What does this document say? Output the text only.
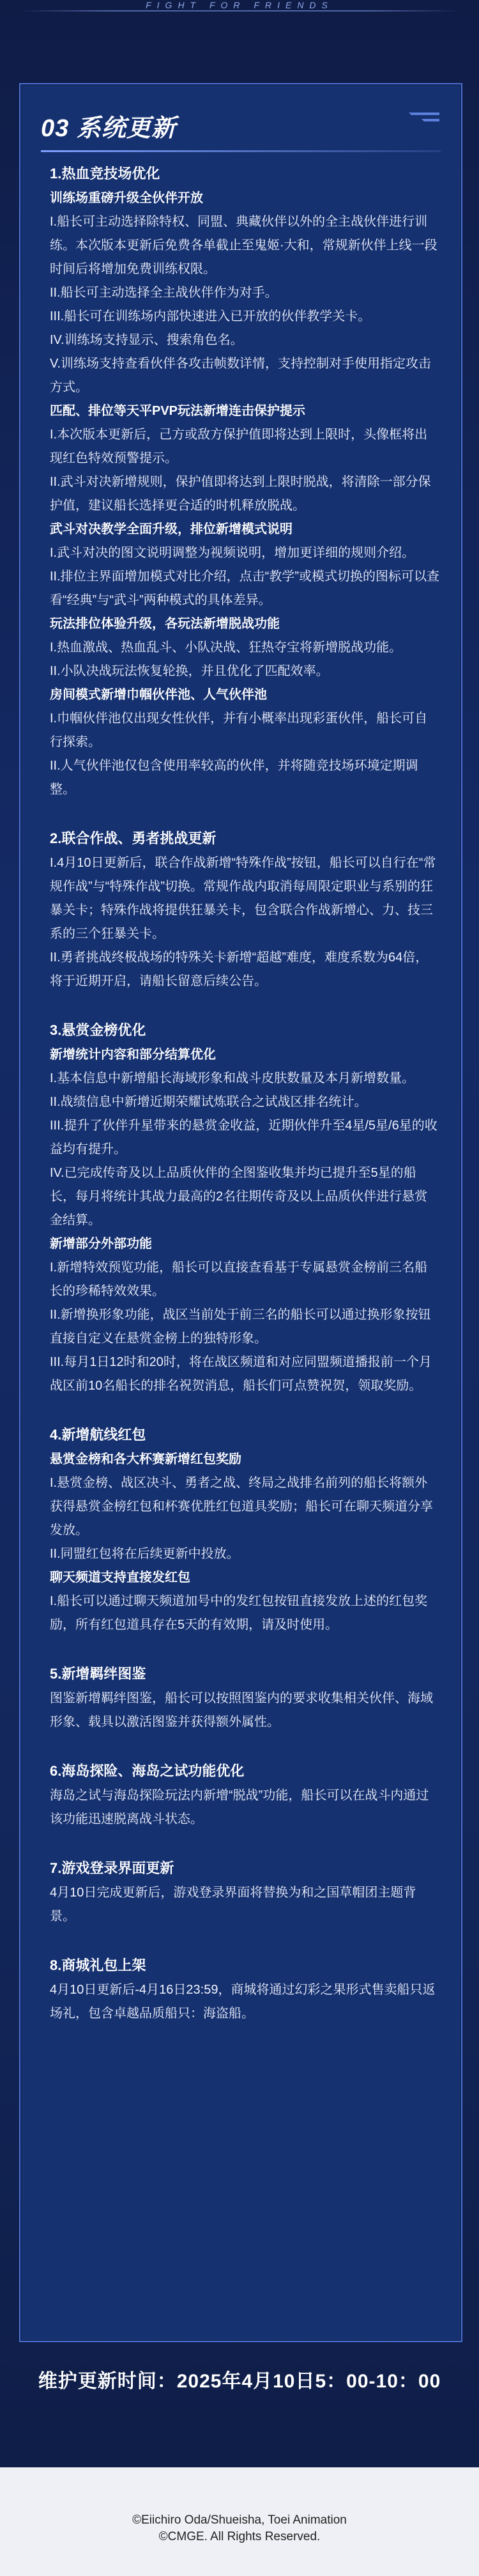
FIGHT FOR FRIENDS
03 系统更新
1.热血竞技场优化
训练场重磅升级全伙伴开放
I.船长可主动选择除特权、同盟、典藏伙伴以外的全主战伙伴进行训练。本次版本更新后免费各单截止至鬼姬·大和，常规新伙伴上线一段时间后将增加免费训练权限。
II.船长可主动选择全主战伙伴作为对手。
III.船长可在训练场内部快速进入已开放的伙伴教学关卡。
IV.训练场支持显示、搜索角色名。
V.训练场支持查看伙伴各攻击帧数详情，支持控制对手使用指定攻击方式。
匹配、排位等天平PVP玩法新增连击保护提示
I.本次版本更新后，己方或敌方保护值即将达到上限时，头像框将出现红色特效预警提示。
II.武斗对决新增规则，保护值即将达到上限时脱战，将清除一部分保护值，建议船长选择更合适的时机释放脱战。
武斗对决教学全面升级，排位新增模式说明
I.武斗对决的图文说明调整为视频说明，增加更详细的规则介绍。
II.排位主界面增加模式对比介绍，点击“教学”或模式切换的图标可以查看“经典”与“武斗”两种模式的具体差异。
玩法排位体验升级，各玩法新增脱战功能
I.热血激战、热血乱斗、小队决战、狂热夺宝将新增脱战功能。
II.小队决战玩法恢复轮换，并且优化了匹配效率。
房间模式新增巾帼伙伴池、人气伙伴池
I.巾帼伙伴池仅出现女性伙伴，并有小概率出现彩蛋伙伴，船长可自行探索。
II.人气伙伴池仅包含使用率较高的伙伴，并将随竞技场环境定期调整。
2.联合作战、勇者挑战更新
I.4月10日更新后，联合作战新增“特殊作战”按钮，船长可以自行在“常规作战”与“特殊作战”切换。常规作战内取消每周限定职业与系别的狂暴关卡；特殊作战将提供狂暴关卡，包含联合作战新增心、力、技三系的三个狂暴关卡。
II.勇者挑战终极战场的特殊关卡新增“超越”难度，难度系数为64倍，将于近期开启，请船长留意后续公告。
3.悬赏金榜优化
新增统计内容和部分结算优化
I.基本信息中新增船长海域形象和战斗皮肤数量及本月新增数量。
II.战绩信息中新增近期荣耀试炼联合之试战区排名统计。
III.提升了伙伴升星带来的悬赏金收益，近期伙伴升至4星/5星/6星的收益均有提升。
IV.已完成传奇及以上品质伙伴的全图鉴收集并均已提升至5星的船长，每月将统计其战力最高的2名往期传奇及以上品质伙伴进行悬赏金结算。
新增部分外部功能
I.新增特效预览功能，船长可以直接查看基于专属悬赏金榜前三名船长的珍稀特效效果。
II.新增换形象功能，战区当前处于前三名的船长可以通过换形象按钮直接自定义在悬赏金榜上的独特形象。
III.每月1日12时和20时，将在战区频道和对应同盟频道播报前一个月战区前10名船长的排名祝贺消息，船长们可点赞祝贺，领取奖励。
4.新增航线红包
悬赏金榜和各大杯赛新增红包奖励
I.悬赏金榜、战区决斗、勇者之战、终局之战排名前列的船长将额外获得悬赏金榜红包和杯赛优胜红包道具奖励；船长可在聊天频道分享发放。
II.同盟红包将在后续更新中投放。
聊天频道支持直接发红包
I.船长可以通过聊天频道加号中的发红包按钮直接发放上述的红包奖励，所有红包道具存在5天的有效期，请及时使用。
5.新增羁绊图鉴
图鉴新增羁绊图鉴，船长可以按照图鉴内的要求收集相关伙伴、海域形象、载具以激活图鉴并获得额外属性。
6.海岛探险、海岛之试功能优化
海岛之试与海岛探险玩法内新增“脱战”功能，船长可以在战斗内通过该功能迅速脱离战斗状态。
7.游戏登录界面更新
4月10日完成更新后，游戏登录界面将替换为和之国草帽团主题背景。
8.商城礼包上架
4月10日更新后-4月16日23:59，商城将通过幻彩之果形式售卖船只返场礼，包含卓越品质船只：海盗船。
维护更新时间：2025年4月10日5：00-10：00
©Eiichiro Oda/Shueisha, Toei Animation
©CMGE. All Rights Reserved.
